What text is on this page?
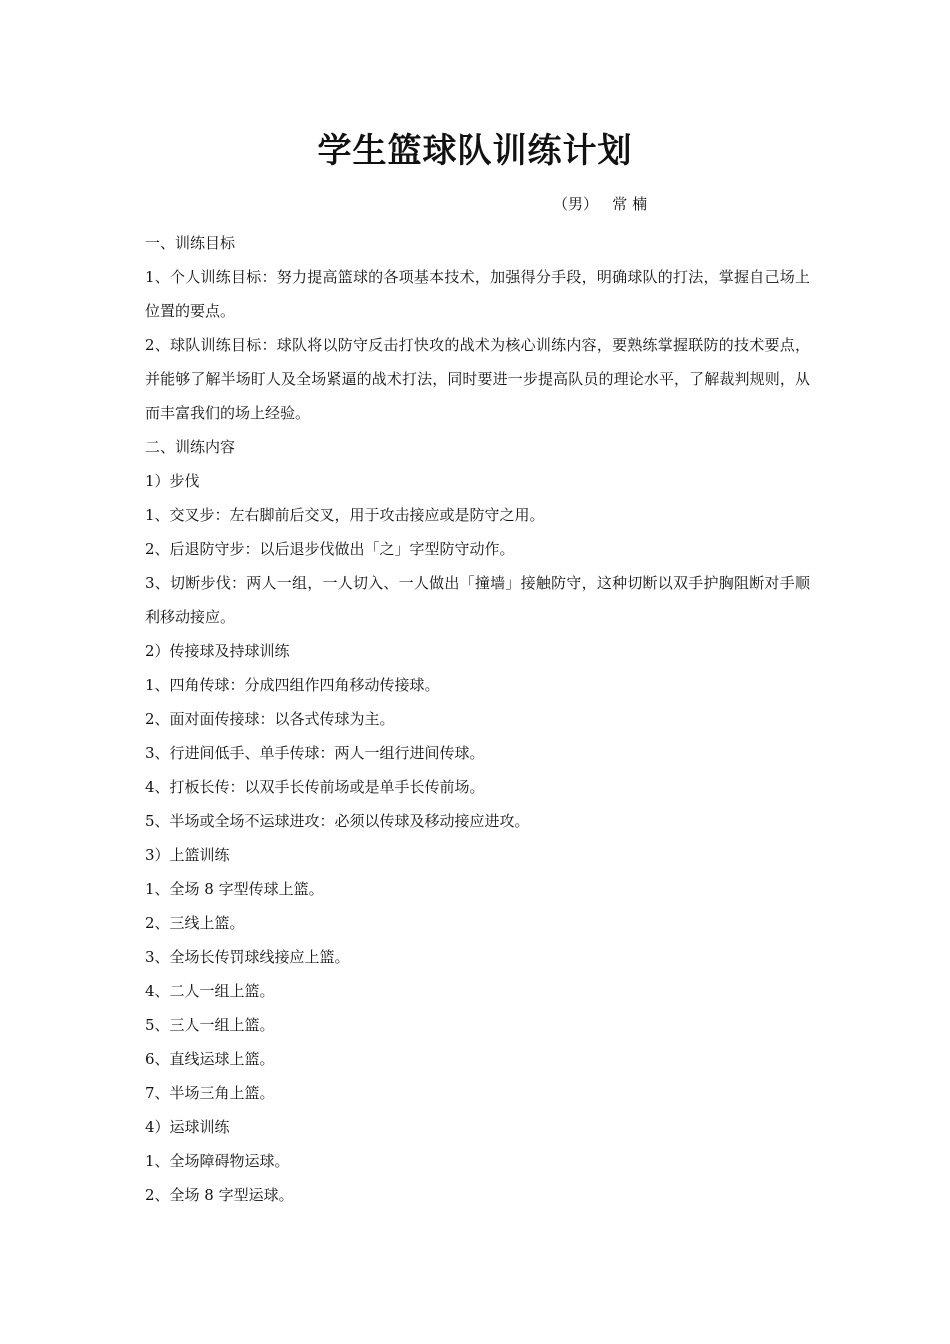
学生篮球队训练计划
（男）   常 楠

一、训练目标

1、个人训练目标：努力提高篮球的各项基本技术，加强得分手段，明确球队的打法，掌握自己场上位置的要点。

2、球队训练目标：球队将以防守反击打快攻的战术为核心训练内容，要熟练掌握联防的技术要点，并能够了解半场盯人及全场紧逼的战术打法，同时要进一步提高队员的理论水平，了解裁判规则，从而丰富我们的场上经验。

二、训练内容

1）步伐

1、交叉步：左右脚前后交叉，用于攻击接应或是防守之用。

2、后退防守步：以后退步伐做出「之」字型防守动作。

3、切断步伐：两人一组，一人切入、一人做出「撞墙」接触防守，这种切断以双手护胸阻断对手顺利移动接应。

2）传接球及持球训练

1、四角传球：分成四组作四角移动传接球。

2、面对面传接球：以各式传球为主。

3、行进间低手、单手传球：两人一组行进间传球。

4、打板长传：以双手长传前场或是单手长传前场。

5、半场或全场不运球进攻：必须以传球及移动接应进攻。

3）上篮训练

1、全场 8 字型传球上篮。

2、三线上篮。

3、全场长传罚球线接应上篮。

4、二人一组上篮。

5、三人一组上篮。

6、直线运球上篮。

7、半场三角上篮。

4）运球训练

1、全场障碍物运球。

2、全场 8 字型运球。
